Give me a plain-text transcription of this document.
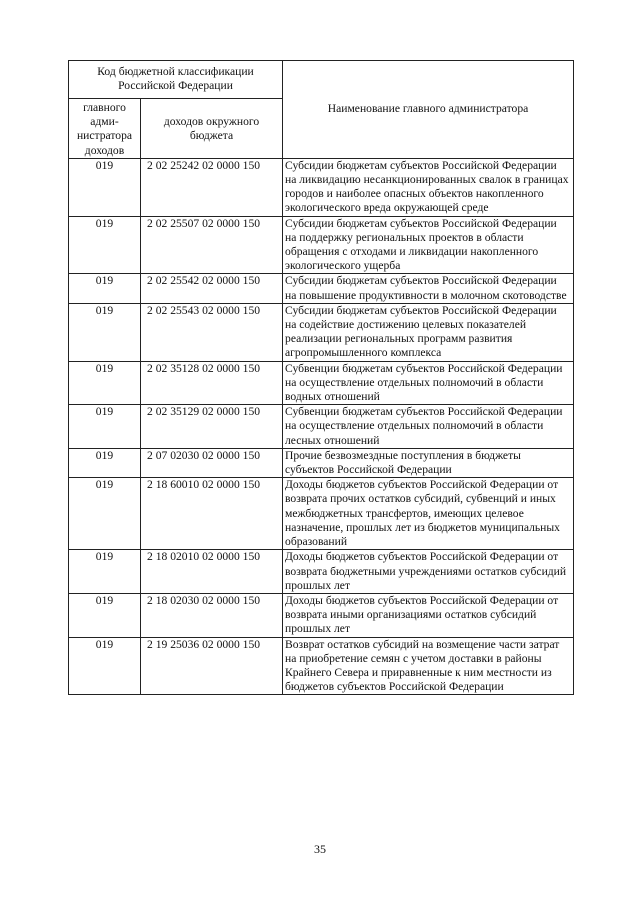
Код бюджетной классификации Российской Федерации		Наименование главного администратора
главного адми-нистратора доходов	доходов окружного бюджета	
019	2 02 25242 02 0000 150	Субсидии бюджетам субъектов Российской Федерации на ликвидацию несанкционированных свалок в границах городов и наиболее опасных объектов накопленного экологического вреда окружающей среде
019	2 02 25507 02 0000 150	Субсидии бюджетам субъектов Российской Федерации на поддержку региональных проектов в области обращения с отходами и ликвидации накопленного экологического ущерба
019	2 02 25542 02 0000 150	Субсидии бюджетам субъектов Российской Федерации на повышение продуктивности в молочном скотоводстве
019	2 02 25543 02 0000 150	Субсидии бюджетам субъектов Российской Федерации на содействие достижению целевых показателей реализации региональных программ развития агропромышленного комплекса
019	2 02 35128 02 0000 150	Субвенции бюджетам субъектов Российской Федерации на осуществление отдельных полномочий в области водных отношений
019	2 02 35129 02 0000 150	Субвенции бюджетам субъектов Российской Федерации на осуществление отдельных полномочий в области лесных отношений
019	2 07 02030 02 0000 150	Прочие безвозмездные поступления в бюджеты субъектов Российской Федерации
019	2 18 60010 02 0000 150	Доходы бюджетов субъектов Российской Федерации от возврата прочих остатков субсидий, субвенций и иных межбюджетных трансфертов, имеющих целевое назначение, прошлых лет из бюджетов муниципальных образований
019	2 18 02010 02 0000 150	Доходы бюджетов субъектов Российской Федерации от возврата бюджетными учреждениями остатков субсидий прошлых лет
019	2 18 02030 02 0000 150	Доходы бюджетов субъектов Российской Федерации от возврата иными организациями остатков субсидий прошлых лет
019	2 19 25036 02 0000 150	Возврат остатков субсидий на возмещение части затрат на приобретение семян с учетом доставки в районы Крайнего Севера и приравненные к ним местности из бюджетов субъектов Российской Федерации
35
